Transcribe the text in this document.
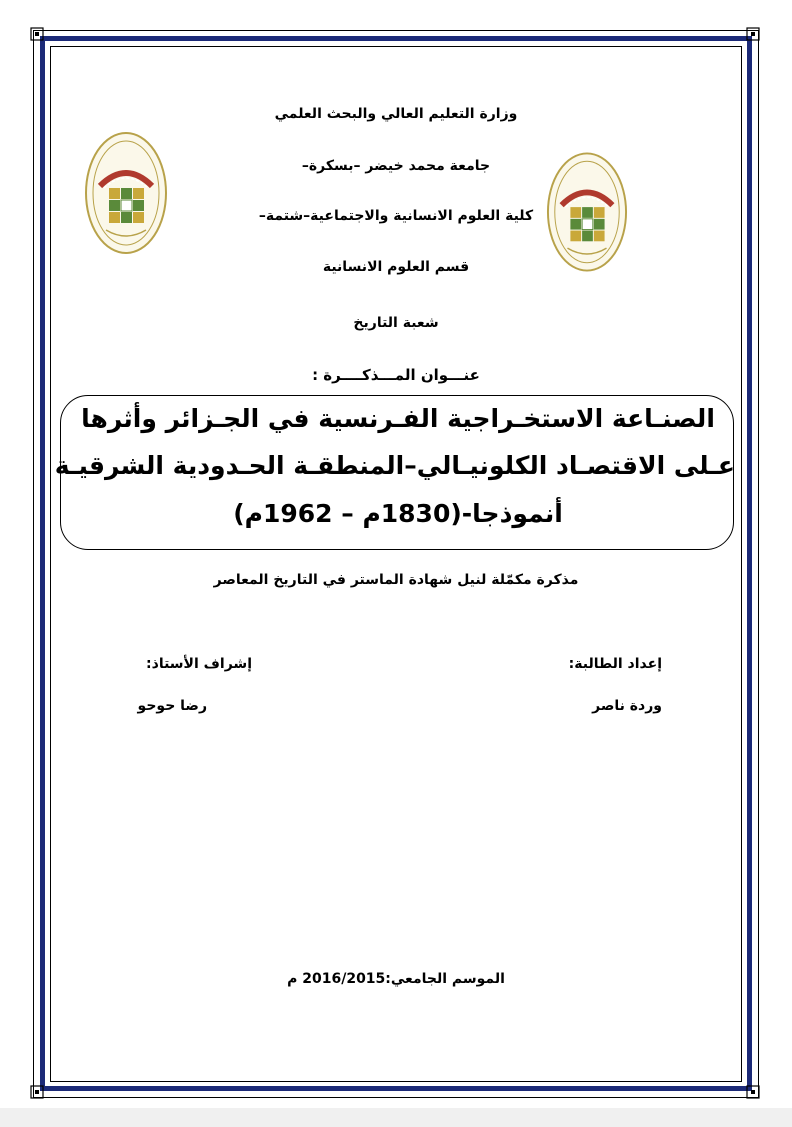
وزارة التعليم العالي والبحث العلمي
جامعة محمد خيضر –بسكرة–
كلية العلوم الانسانية والاجتماعية–شتمة–
قسم العلوم الانسانية
شعبة التاريخ
عنـــوان المـــذكــــرة :
الصنـاعة الاستخـراجية الفـرنسية في الجـزائر وأثرها
عـلى الاقتصـاد الكلونيـالي–المنطقـة الحـدودية الشرقيـة
أنموذجا-(1830م – 1962م)
مذكرة مكمّلة لنيل شهادة الماستر في التاريخ المعاصر
إعداد الطالبة:
وردة ناصر
إشراف الأستاذ:
رضا حوحو
الموسم الجامعي:2016/2015 م
